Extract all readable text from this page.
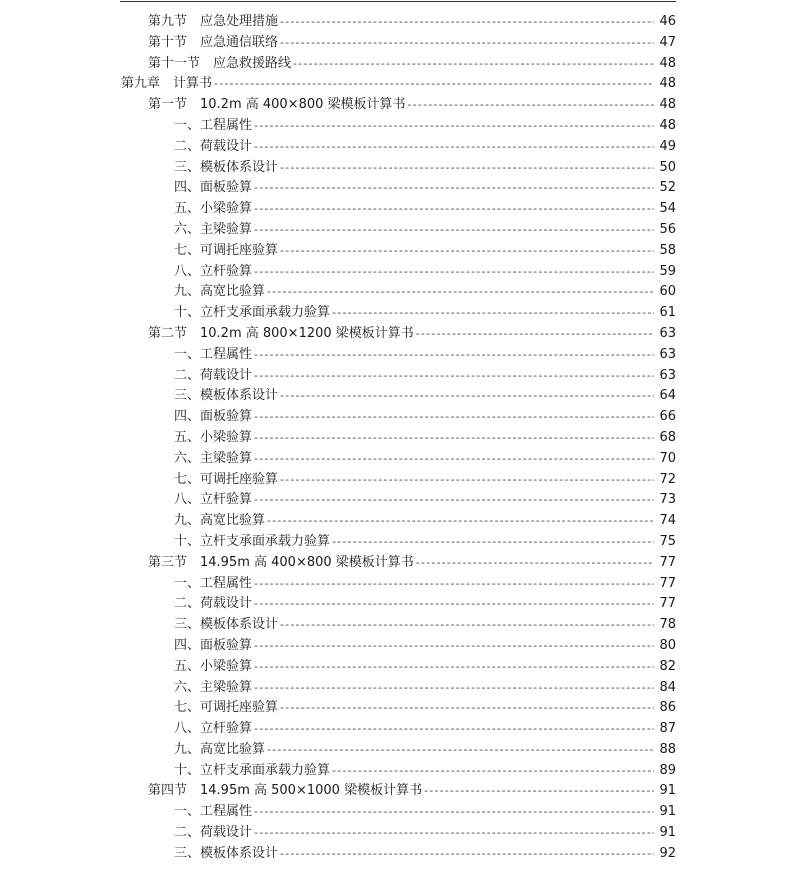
第九节　应急处理措施 -----	46
第十节　应急通信联络 -----	47
第十一节　应急救援路线 -----	48
第九章　计算书 -----	48
第一节　10.2m 高 400×800 梁模板计算书 -----	48
一、工程属性 -----	48
二、荷载设计 -----	49
三、模板体系设计 -----	50
四、面板验算 -----	52
五、小梁验算 -----	54
六、主梁验算 -----	56
七、可调托座验算 -----	58
八、立杆验算 -----	59
九、高宽比验算 -----	60
十、立杆支承面承载力验算 -----	61
第二节　10.2m 高 800×1200 梁模板计算书 -----	63
一、工程属性 -----	63
二、荷载设计 -----	63
三、模板体系设计 -----	64
四、面板验算 -----	66
五、小梁验算 -----	68
六、主梁验算 -----	70
七、可调托座验算 -----	72
八、立杆验算 -----	73
九、高宽比验算 -----	74
十、立杆支承面承载力验算 -----	75
第三节　14.95m 高 400×800 梁模板计算书 -----	77
一、工程属性 -----	77
二、荷载设计 -----	77
三、模板体系设计 -----	78
四、面板验算 -----	80
五、小梁验算 -----	82
六、主梁验算 -----	84
七、可调托座验算 -----	86
八、立杆验算 -----	87
九、高宽比验算 -----	88
十、立杆支承面承载力验算 -----	89
第四节　14.95m 高 500×1000 梁模板计算书 -----	91
一、工程属性 -----	91
二、荷载设计 -----	91
三、模板体系设计 -----	92
